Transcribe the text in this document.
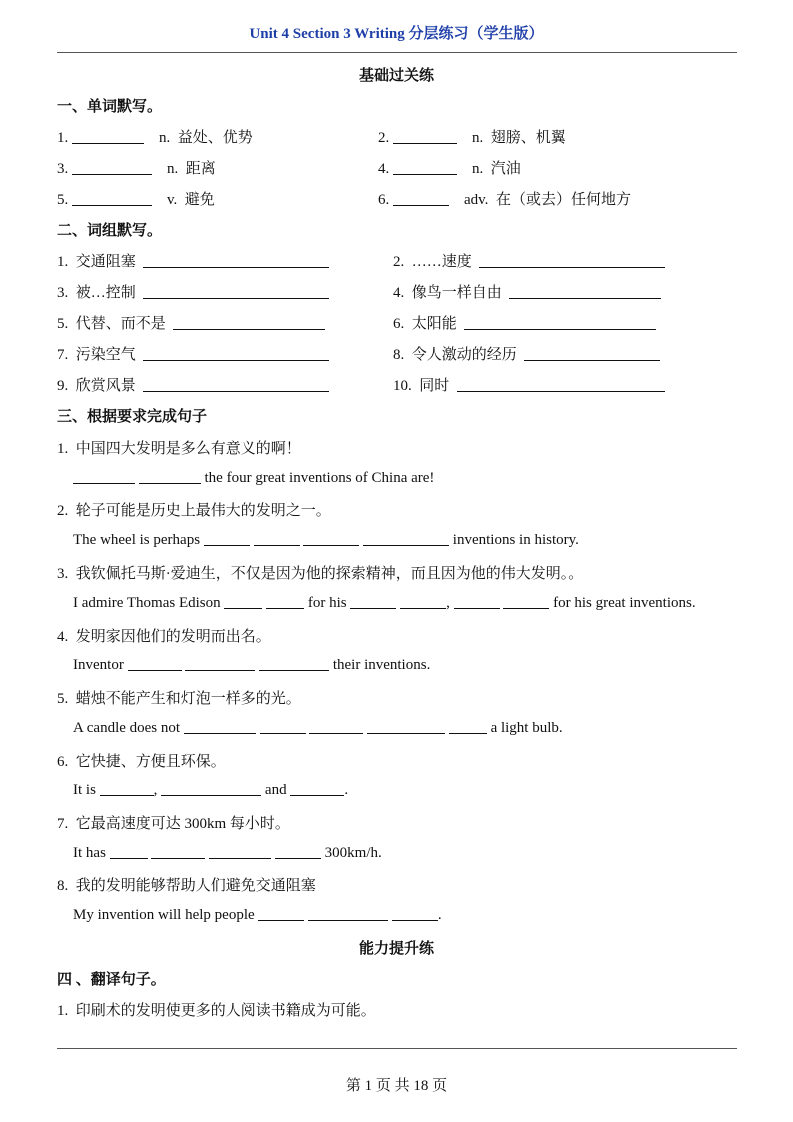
Unit 4 Section 3 Writing 分层练习（学生版）
基础过关练
一、单词默写。
1.	n. 益处、优势	2.	n. 翅膀、机翼
3.	n. 距离	4.	n. 汽油
5.	v. 避免	6.	adv. 在（或去）任何地方
二、词组默写。
1. 交通阻塞	2. ……速度
3. 被…控制	4. 像鸟一样自由
5. 代替、而不是	6. 太阳能
7. 污染空气	8. 令人激动的经历
9. 欣赏风景	10. 同时
三、根据要求完成句子
1. 中国四大发明是多么有意义的啊！
the four great inventions of China are!
2. 轮子可能是历史上最伟大的发明之一。
The wheel is perhaps	inventions in history.
3. 我钦佩托马斯·爱迪生，不仅是因为他的探索精神，而且因为他的伟大发明。。
I admire Thomas Edison	for his	,	for his great inventions.
4. 发明家因他们的发明而出名。
Inventor	their inventions.
5. 蜡烛不能产生和灯泡一样多的光。
A candle does not	a light bulb.
6. 它快捷、方便且环保。
It is	,	and	.
7. 它最高速度可达 300km 每小时。
It has	300km/h.
8. 我的发明能够帮助人们避免交通阻塞
My invention will help people	.
能力提升练
四 、翻译句子。
1. 印刷术的发明使更多的人阅读书籍成为可能。
第 1 页 共 18 页
